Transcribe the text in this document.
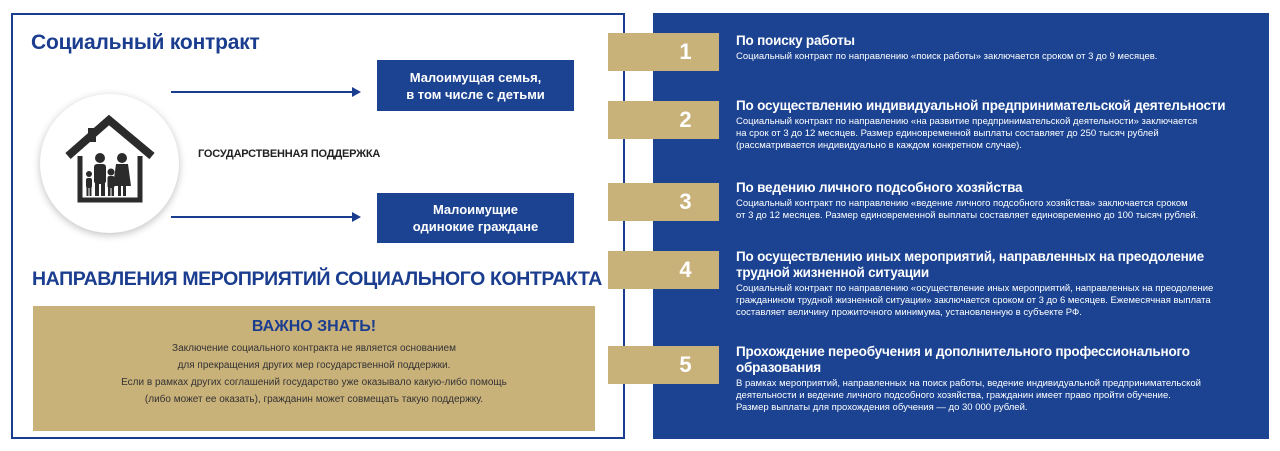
Социальный контракт
ГОСУДАРСТВЕННАЯ ПОДДЕРЖКА
Малоимущая семья,
в том числе с детьми
Малоимущие
одинокие граждане
НАПРАВЛЕНИЯ МЕРОПРИЯТИЙ СОЦИАЛЬНОГО КОНТРАКТА
ВАЖНО ЗНАТЬ!
Заключение социального контракта не является основанием
для прекращения других мер государственной поддержки.
Если в рамках других соглашений государство уже оказывало какую-либо помощь
(либо может ее оказать), гражданин может совмещать такую поддержку.
1
2
3
4
5
По поиску работы
Социальный контракт по направлению «поиск работы» заключается сроком от 3 до 9 месяцев.
По осуществлению индивидуальной предпринимательской деятельности
Социальный контракт по направлению «на развитие предпринимательской деятельности» заключается
на срок от 3 до 12 месяцев. Размер единовременной выплаты составляет до 250 тысяч рублей
(рассматривается индивидуально в каждом конкретном случае).
По ведению личного подсобного хозяйства
Социальный контракт по направлению «ведение личного подсобного хозяйства» заключается сроком
от 3 до 12 месяцев. Размер единовременной выплаты составляет единовременно до 100 тысяч рублей.
По осуществлению иных мероприятий, направленных на преодоление
трудной жизненной ситуации
Социальный контракт по направлению «осуществление иных мероприятий, направленных на преодоление
гражданином трудной жизненной ситуации» заключается сроком от 3 до 6 месяцев. Ежемесячная выплата
составляет величину прожиточного минимума, установленную в субъекте РФ.
Прохождение переобучения и дополнительного профессионального
образования
В рамках мероприятий, направленных на поиск работы, ведение индивидуальной предпринимательской
деятельности и ведение личного подсобного хозяйства, гражданин имеет право пройти обучение.
Размер выплаты для прохождения обучения — до 30 000 рублей.
